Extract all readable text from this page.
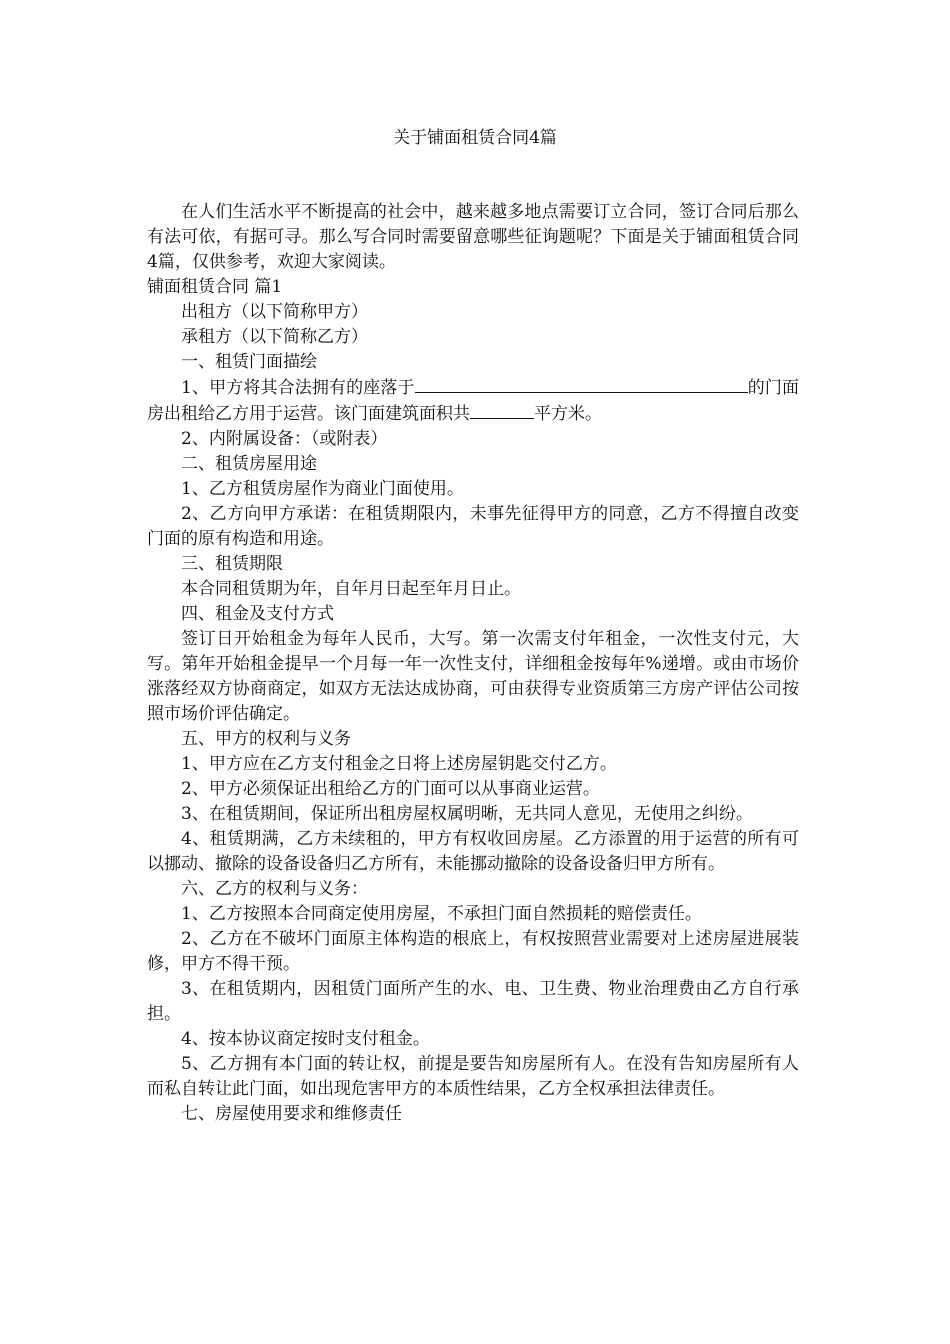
关于铺面租赁合同4篇

在人们生活水平不断提高的社会中，越来越多地点需要订立合同，签订合同后那么有法可依，有据可寻。那么写合同时需要留意哪些征询题呢？下面是关于铺面租赁合同4篇，仅供参考，欢迎大家阅读。

铺面租赁合同 篇1

出租方（以下简称甲方）

承租方（以下简称乙方）

一、租赁门面描绘

1、甲方将其合法拥有的座落于	的门面房出租给乙方用于运营。该门面建筑面积共	平方米。

2、内附属设备：（或附表）

二、租赁房屋用途

1、乙方租赁房屋作为商业门面使用。

2、乙方向甲方承诺：在租赁期限内，未事先征得甲方的同意，乙方不得擅自改变门面的原有构造和用途。

三、租赁期限

本合同租赁期为年，自年月日起至年月日止。

四、租金及支付方式

签订日开始租金为每年人民币，大写。第一次需支付年租金，一次性支付元，大写。第年开始租金提早一个月每一年一次性支付，详细租金按每年%递增。或由市场价涨落经双方协商商定，如双方无法达成协商，可由获得专业资质第三方房产评估公司按照市场价评估确定。

五、甲方的权利与义务

1、甲方应在乙方支付租金之日将上述房屋钥匙交付乙方。

2、甲方必须保证出租给乙方的门面可以从事商业运营。

3、在租赁期间，保证所出租房屋权属明晰，无共同人意见，无使用之纠纷。

4、租赁期满，乙方未续租的，甲方有权收回房屋。乙方添置的用于运营的所有可以挪动、撤除的设备设备归乙方所有，未能挪动撤除的设备设备归甲方所有。

六、乙方的权利与义务：

1、乙方按照本合同商定使用房屋，不承担门面自然损耗的赔偿责任。

2、乙方在不破坏门面原主体构造的根底上，有权按照营业需要对上述房屋进展装修，甲方不得干预。

3、在租赁期内，因租赁门面所产生的水、电、卫生费、物业治理费由乙方自行承担。

4、按本协议商定按时支付租金。

5、乙方拥有本门面的转让权，前提是要告知房屋所有人。在没有告知房屋所有人而私自转让此门面，如出现危害甲方的本质性结果，乙方全权承担法律责任。

七、房屋使用要求和维修责任
